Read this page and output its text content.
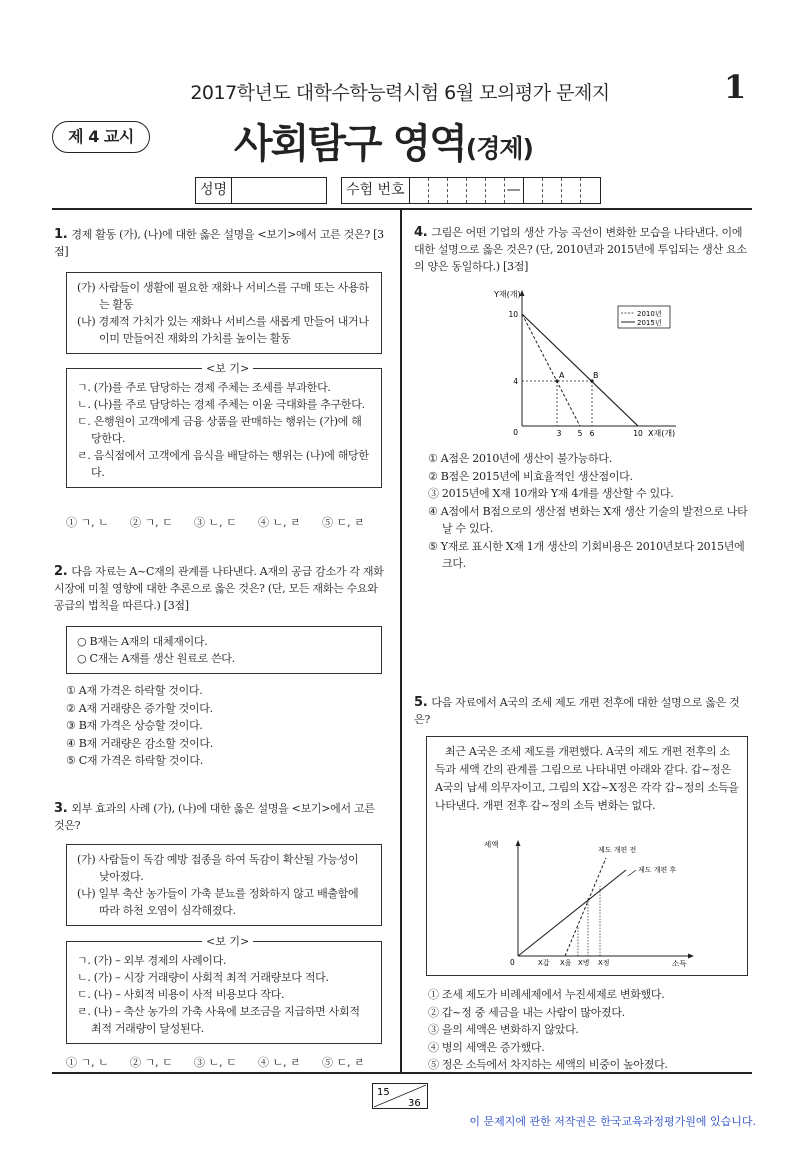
2017학년도 대학수학능력시험 6월 모의평가 문제지	1
제 4 교시	사회탐구 영역(경제)
성명	수험 번호	—
1. 경제 활동 (가), (나)에 대한 옳은 설명을 <보기>에서 고른 것은? [3점]
(가) 사람들이 생활에 필요한 재화나 서비스를 구매 또는 사용하는 활동
(나) 경제적 가치가 있는 재화나 서비스를 새롭게 만들어 내거나 이미 만들어진 재화의 가치를 높이는 활동
ㄱ. (가)를 주로 담당하는 경제 주체는 조세를 부과한다.
ㄴ. (나)를 주로 담당하는 경제 주체는 이윤 극대화를 추구한다.
ㄷ. 은행원이 고객에게 금융 상품을 판매하는 행위는 (가)에 해당한다.
ㄹ. 음식점에서 고객에게 음식을 배달하는 행위는 (나)에 해당한다.
<보 기>
① ㄱ, ㄴ	② ㄱ, ㄷ	③ ㄴ, ㄷ	④ ㄴ, ㄹ	⑤ ㄷ, ㄹ
2. 다음 자료는 A~C재의 관계를 나타낸다. A재의 공급 감소가 각 재화 시장에 미칠 영향에 대한 추론으로 옳은 것은? (단, 모든 재화는 수요와 공급의 법칙을 따른다.) [3점]
○ B재는 A재의 대체재이다.
○ C재는 A재를 생산 원료로 쓴다.
① A재 가격은 하락할 것이다.
② A재 거래량은 증가할 것이다.
③ B재 가격은 상승할 것이다.
④ B재 거래량은 감소할 것이다.
⑤ C재 가격은 하락할 것이다.
3. 외부 효과의 사례 (가), (나)에 대한 옳은 설명을 <보기>에서 고른 것은?
(가) 사람들이 독감 예방 접종을 하여 독감이 확산될 가능성이 낮아졌다.
(나) 일부 축산 농가들이 가축 분뇨를 정화하지 않고 배출함에 따라 하천 오염이 심각해졌다.
ㄱ. (가) – 외부 경제의 사례이다.
ㄴ. (가) – 시장 거래량이 사회적 최적 거래량보다 적다.
ㄷ. (나) – 사회적 비용이 사적 비용보다 작다.
ㄹ. (나) – 축산 농가의 가축 사육에 보조금을 지급하면 사회적 최적 거래량이 달성된다.
<보 기>
① ㄱ, ㄴ	② ㄱ, ㄷ	③ ㄴ, ㄷ	④ ㄴ, ㄹ	⑤ ㄷ, ㄹ
4. 그림은 어떤 기업의 생산 가능 곡선이 변화한 모습을 나타낸다. 이에 대한 설명으로 옳은 것은? (단, 2010년과 2015년에 투입되는 생산 요소의 양은 동일하다.) [3점]
Y재(개)
X재(개)
0
10
4
3 5 6	10
A	B
2010년
2015년
① A점은 2010년에 생산이 불가능하다.
② B점은 2015년에 비효율적인 생산점이다.
③ 2015년에 X재 10개와 Y재 4개를 생산할 수 있다.
④ A점에서 B점으로의 생산점 변화는 X재 생산 기술의 발전으로 나타날 수 있다.
⑤ Y재로 표시한 X재 1개 생산의 기회비용은 2010년보다 2015년에 크다.
5. 다음 자료에서 A국의 조세 제도 개편 전후에 대한 설명으로 옳은 것은?
최근 A국은 조세 제도를 개편했다. A국의 제도 개편 전후의 소득과 세액 간의 관계를 그림으로 나타내면 아래와 같다. 갑~정은 A국의 납세 의무자이고, 그림의 X갑~X정은 각각 갑~정의 소득을 나타낸다. 개편 전후 갑~정의 소득 변화는 없다.
세액
소득
0
제도 개편 후
제도 개편 전
X갑 X을 X병 X정
① 조세 제도가 비례세제에서 누진세제로 변화했다.
② 갑~정 중 세금을 내는 사람이 많아졌다.
③ 을의 세액은 변화하지 않았다.
④ 병의 세액은 증가했다.
⑤ 정은 소득에서 차지하는 세액의 비중이 높아졌다.
15
36
이 문제지에 관한 저작권은 한국교육과정평가원에 있습니다.
